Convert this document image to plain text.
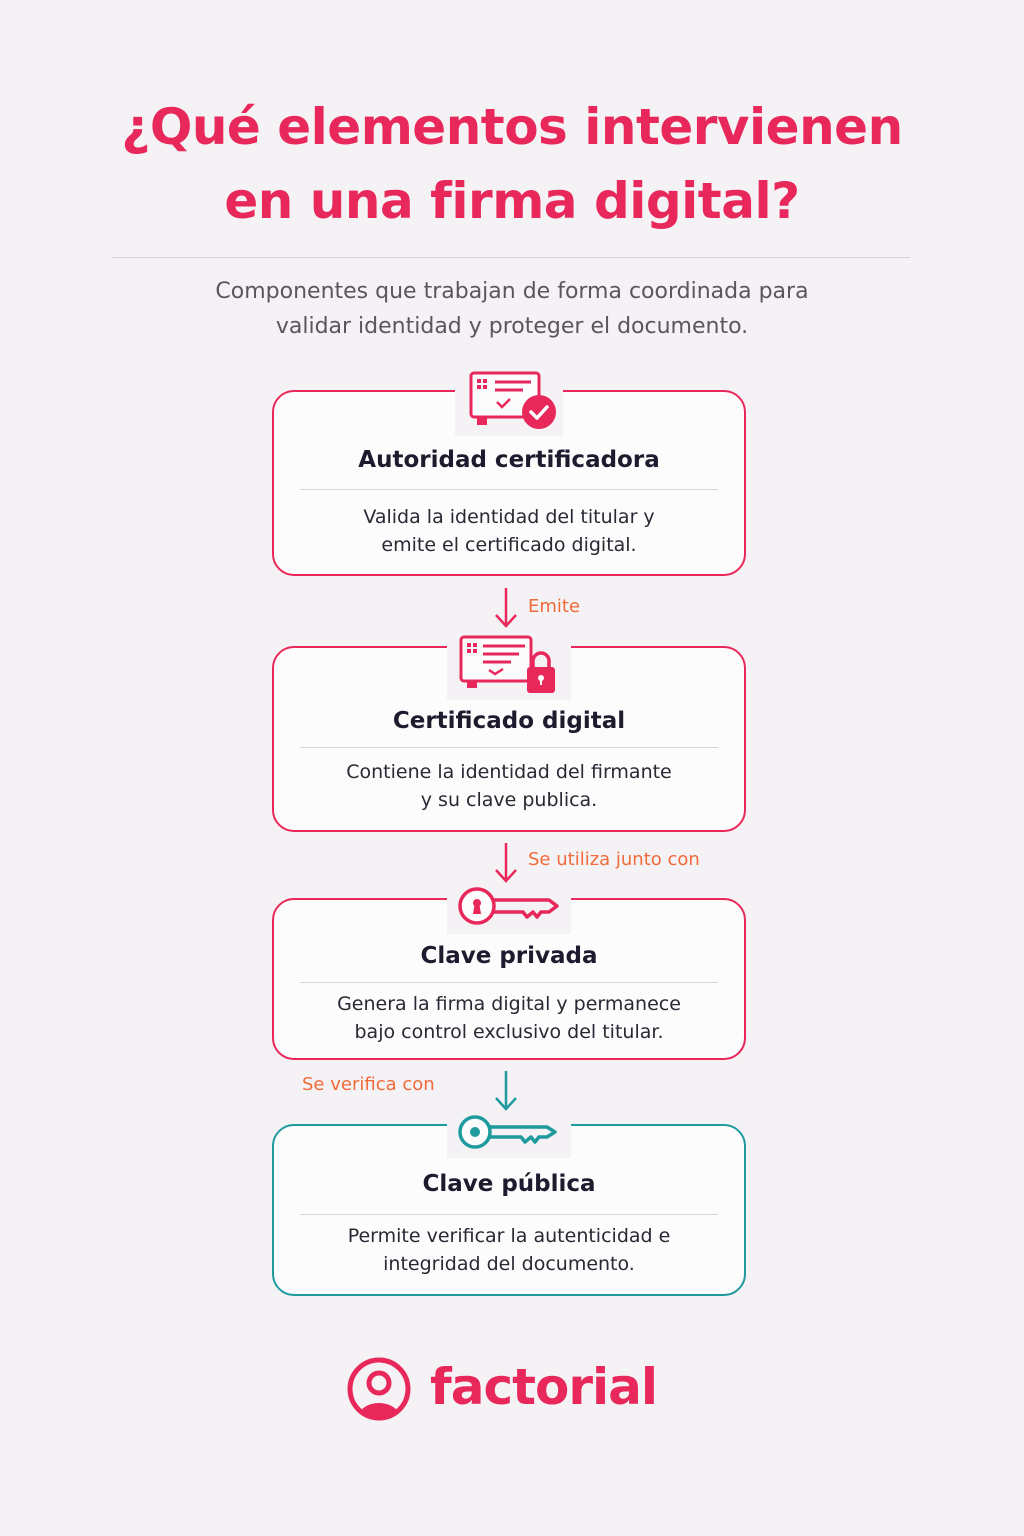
¿Qué elementos intervienen
en una firma digital?
Componentes que trabajan de forma coordinada para
validar identidad y proteger el documento.
Autoridad certificadora
Valida la identidad del titular y
emite el certificado digital.
Emite
Certificado digital
Contiene la identidad del firmante
y su clave publica.
Se utiliza junto con
Clave privada
Genera la firma digital y permanece
bajo control exclusivo del titular.
Se verifica con
Clave pública
Permite verificar la autenticidad e
integridad del documento.
factorial
